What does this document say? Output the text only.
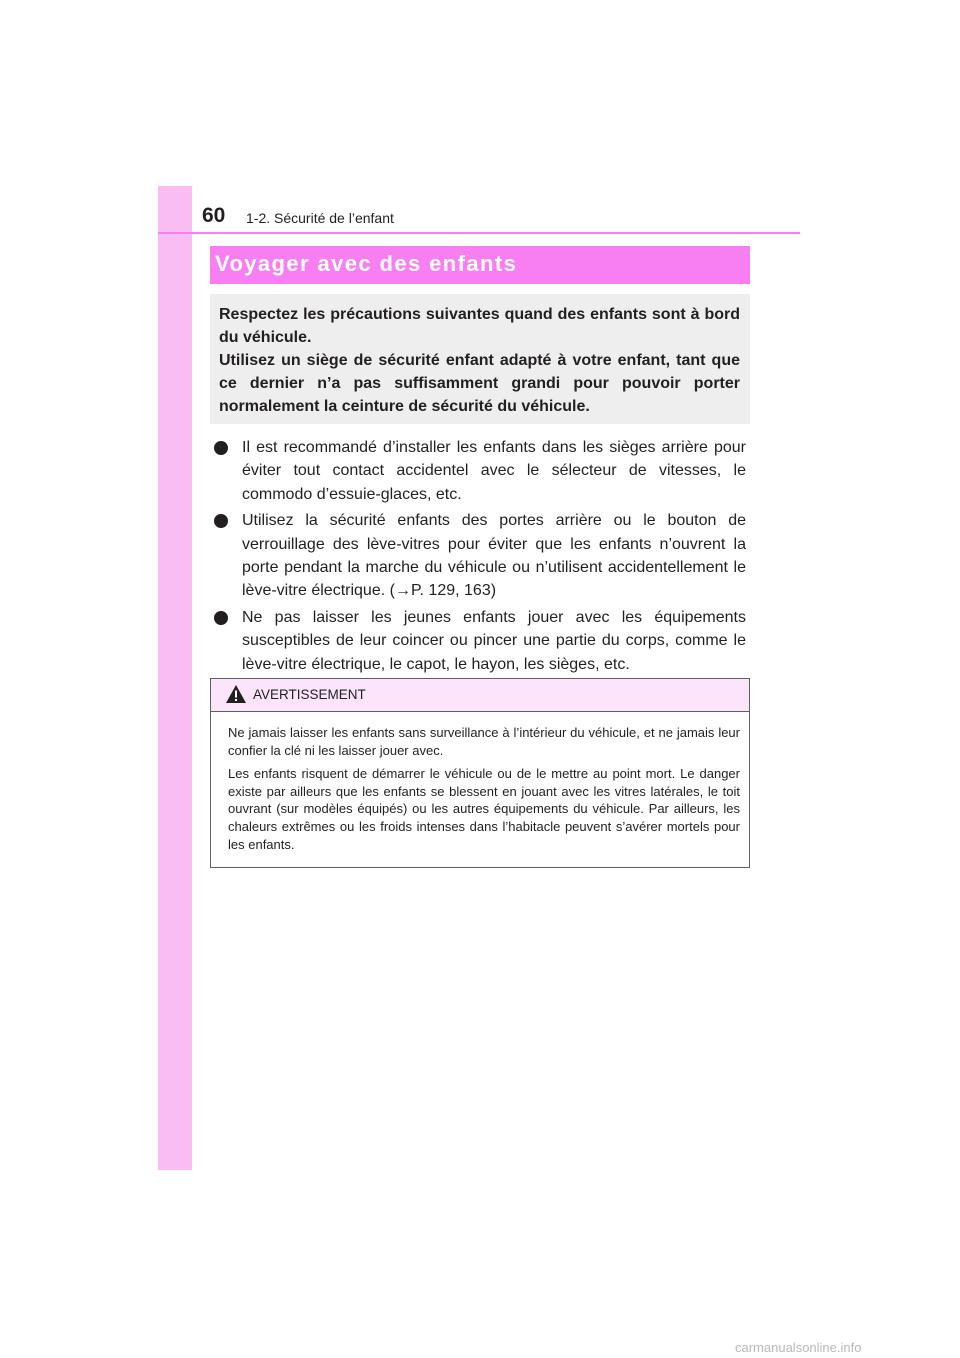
60 1-2. Sécurité de l’enfant
Voyager avec des enfants

Respectez les précautions suivantes quand des enfants sont à bord du véhicule.

Utilisez un siège de sécurité enfant adapté à votre enfant, tant que ce dernier n’a pas suffisamment grandi pour pouvoir porter normalement la ceinture de sécurité du véhicule.

Il est recommandé d’installer les enfants dans les sièges arrière pour éviter tout contact accidentel avec le sélecteur de vitesses, le commodo d’essuie-glaces, etc.
Utilisez la sécurité enfants des portes arrière ou le bouton de verrouillage des lève-vitres pour éviter que les enfants n’ouvrent la porte pendant la marche du véhicule ou n’utilisent accidentellement le lève-vitre électrique. (→P. 129, 163)
Ne pas laisser les jeunes enfants jouer avec les équipements susceptibles de leur coincer ou pincer une partie du corps, comme le lève-vitre électrique, le capot, le hayon, les sièges, etc.
AVERTISSEMENT

Ne jamais laisser les enfants sans surveillance à l’intérieur du véhicule, et ne jamais leur confier la clé ni les laisser jouer avec.

Les enfants risquent de démarrer le véhicule ou de le mettre au point mort. Le danger existe par ailleurs que les enfants se blessent en jouant avec les vitres latérales, le toit ouvrant (sur modèles équipés) ou les autres équipements du véhicule. Par ailleurs, les chaleurs extrêmes ou les froids intenses dans l’habitacle peuvent s’avérer mortels pour les enfants.

carmanualsonline.info
